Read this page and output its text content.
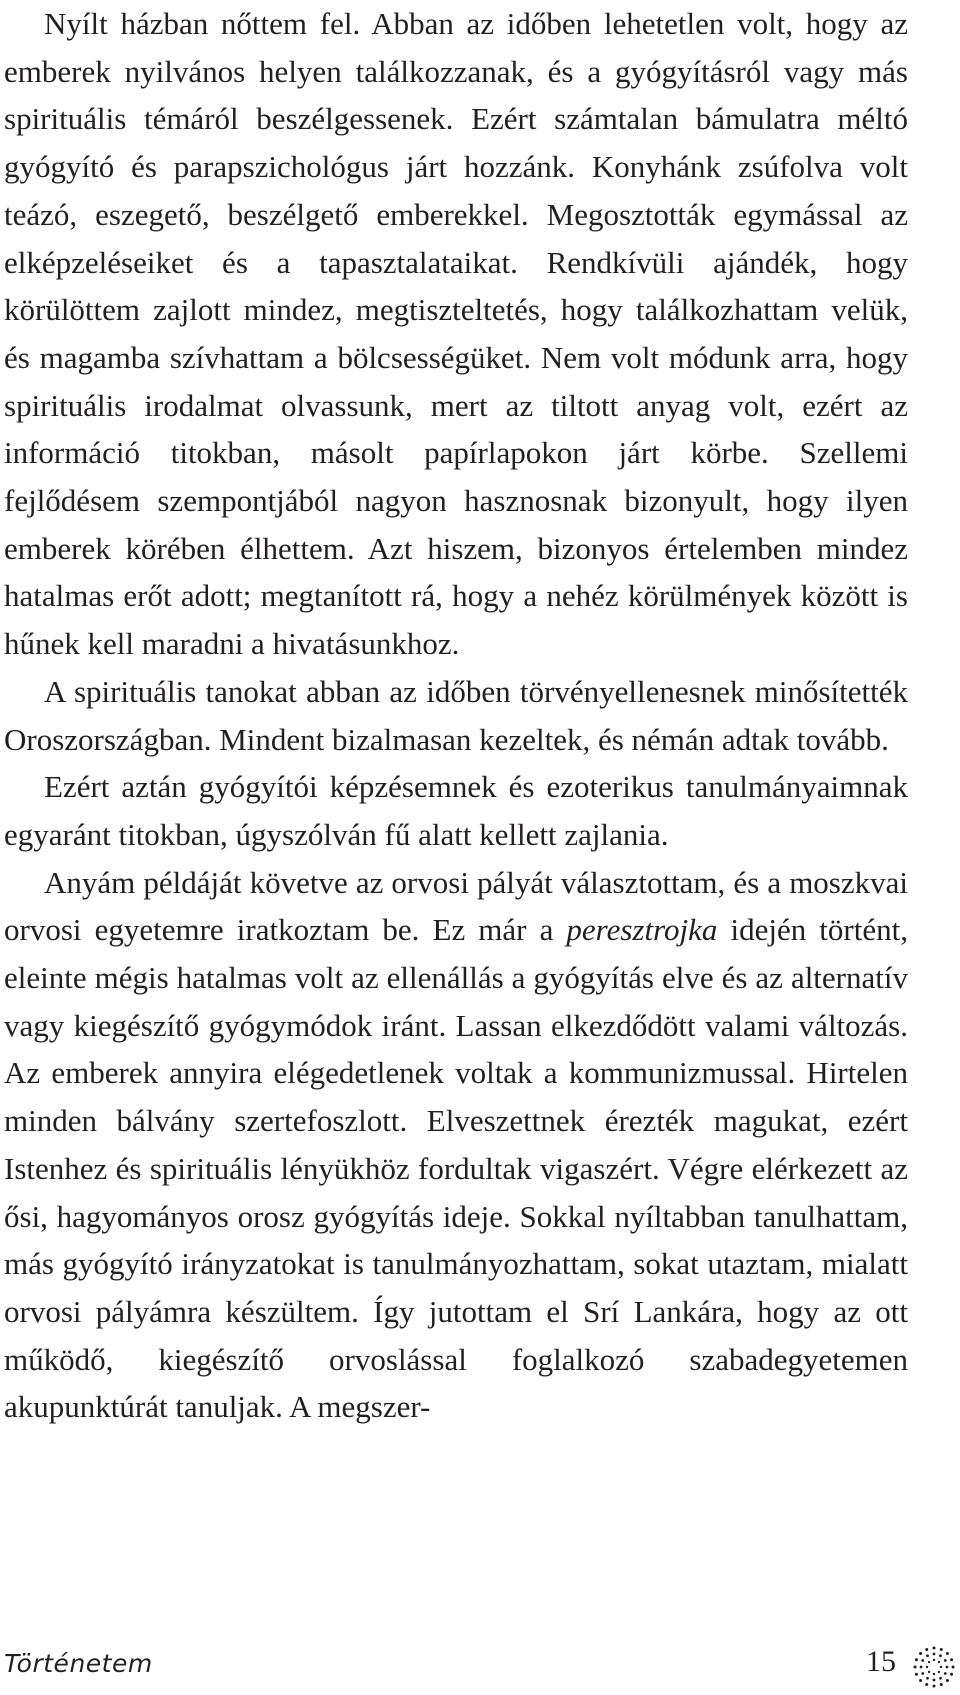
Nyílt házban nőttem fel. Abban az időben lehetetlen volt, hogy az emberek nyilvános helyen találkozzanak, és a gyógyításról vagy más spirituális témáról beszélgessenek. Ezért számtalan bámulatra méltó gyógyító és parapszichológus járt hozzánk. Konyhánk zsúfolva volt teázó, eszegető, beszélgető emberekkel. Megosztották egymással az elképzeléseiket és a tapasztalataikat. Rendkívüli ajándék, hogy körülöttem zajlott mindez, megtiszteltetés, hogy találkozhattam velük, és magamba szívhattam a bölcsességüket. Nem volt módunk arra, hogy spirituális irodalmat olvassunk, mert az tiltott anyag volt, ezért az információ titokban, másolt papírlapokon járt körbe. Szellemi fejlődésem szempontjából nagyon hasznosnak bizonyult, hogy ilyen emberek körében élhettem. Azt hiszem, bizonyos értelemben mindez hatalmas erőt adott; megtanított rá, hogy a nehéz körülmények között is hűnek kell maradni a hivatásunkhoz.

A spirituális tanokat abban az időben törvényellenesnek minősítették Oroszországban. Mindent bizalmasan kezeltek, és némán adtak tovább.

Ezért aztán gyógyítói képzésemnek és ezoterikus tanulmányaimnak egyaránt titokban, úgyszólván fű alatt kellett zajlania.

Anyám példáját követve az orvosi pályát választottam, és a moszkvai orvosi egyetemre iratkoztam be. Ez már a peresztrojka idején történt, eleinte mégis hatalmas volt az ellenállás a gyógyítás elve és az alternatív vagy kiegészítő gyógymódok iránt. Lassan elkezdődött valami változás. Az emberek annyira elégedetlenek voltak a kommunizmussal. Hirtelen minden bálvány szertefoszlott. Elveszettnek érezték magukat, ezért Istenhez és spirituális lényükhöz fordultak vigaszért. Végre elérkezett az ősi, hagyományos orosz gyógyítás ideje. Sokkal nyíltabban tanulhattam, más gyógyító irányzatokat is tanulmányozhattam, sokat utaztam, mialatt orvosi pályámra készültem. Így jutottam el Srí Lankára, hogy az ott működő, kiegészítő orvoslással foglalkozó szabadegyetemen akupunktúrát tanuljak. A megszer-

Történetem	15
